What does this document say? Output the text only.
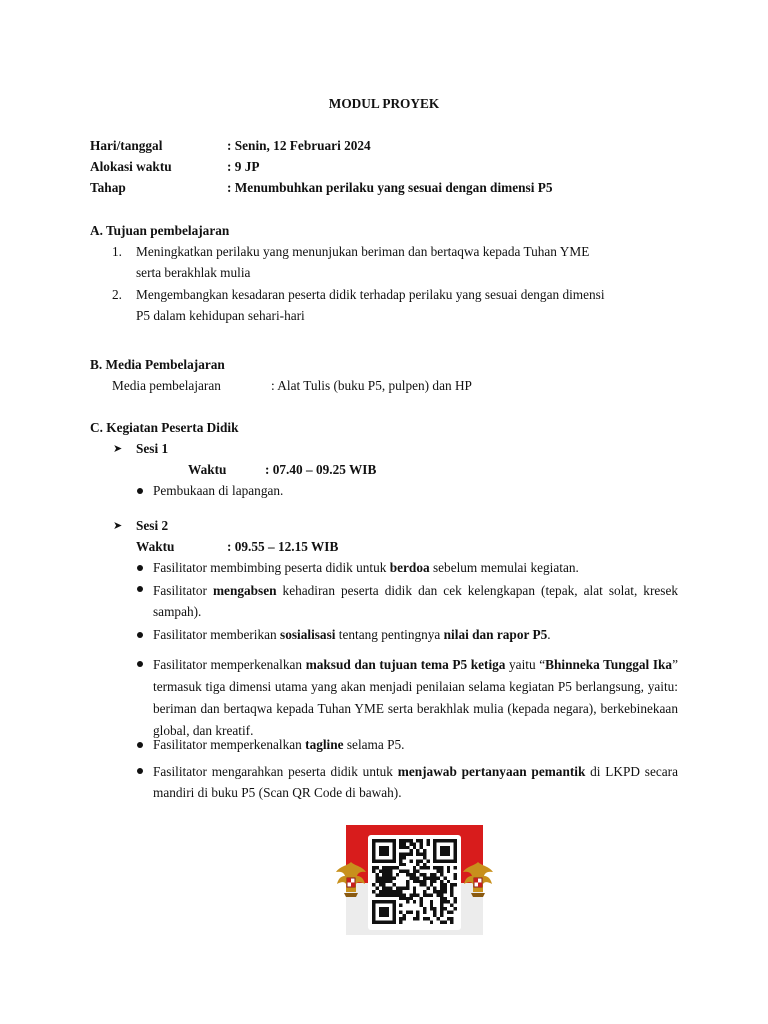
MODUL PROYEK
Hari/tanggal	: Senin, 12 Februari 2024
Alokasi waktu	: 9 JP
Tahap	: Menumbuhkan perilaku yang sesuai dengan dimensi P5
A. Tujuan pembelajaran
1. Meningkatkan perilaku yang menunjukan beriman dan bertaqwa kepada Tuhan YME
serta berakhlak mulia
2. Mengembangkan kesadaran peserta didik terhadap perilaku yang sesuai dengan dimensi
P5 dalam kehidupan sehari-hari
B. Media Pembelajaran
Media pembelajaran	: Alat Tulis (buku P5, pulpen) dan HP
C. Kegiatan Peserta Didik
➤ Sesi 1
Waktu	: 07.40 – 09.25 WIB
Pembukaan di lapangan.
➤ Sesi 2
Waktu	: 09.55 – 12.15 WIB
Fasilitator membimbing peserta didik untuk berdoa sebelum memulai kegiatan.
Fasilitator mengabsen kehadiran peserta didik dan cek kelengkapan (tepak, alat solat, kresek sampah).
Fasilitator memberikan sosialisasi tentang pentingnya nilai dan rapor P5.
Fasilitator memperkenalkan maksud dan tujuan tema P5 ketiga yaitu “Bhinneka Tunggal Ika” termasuk tiga dimensi utama yang akan menjadi penilaian selama kegiatan P5 berlangsung, yaitu: beriman dan bertaqwa kepada Tuhan YME serta berakhlak mulia (kepada negara), berkebinekaan global, dan kreatif.
Fasilitator memperkenalkan tagline selama P5.
Fasilitator mengarahkan peserta didik untuk menjawab pertanyaan pemantik di LKPD secara mandiri di buku P5 (Scan QR Code di bawah).
